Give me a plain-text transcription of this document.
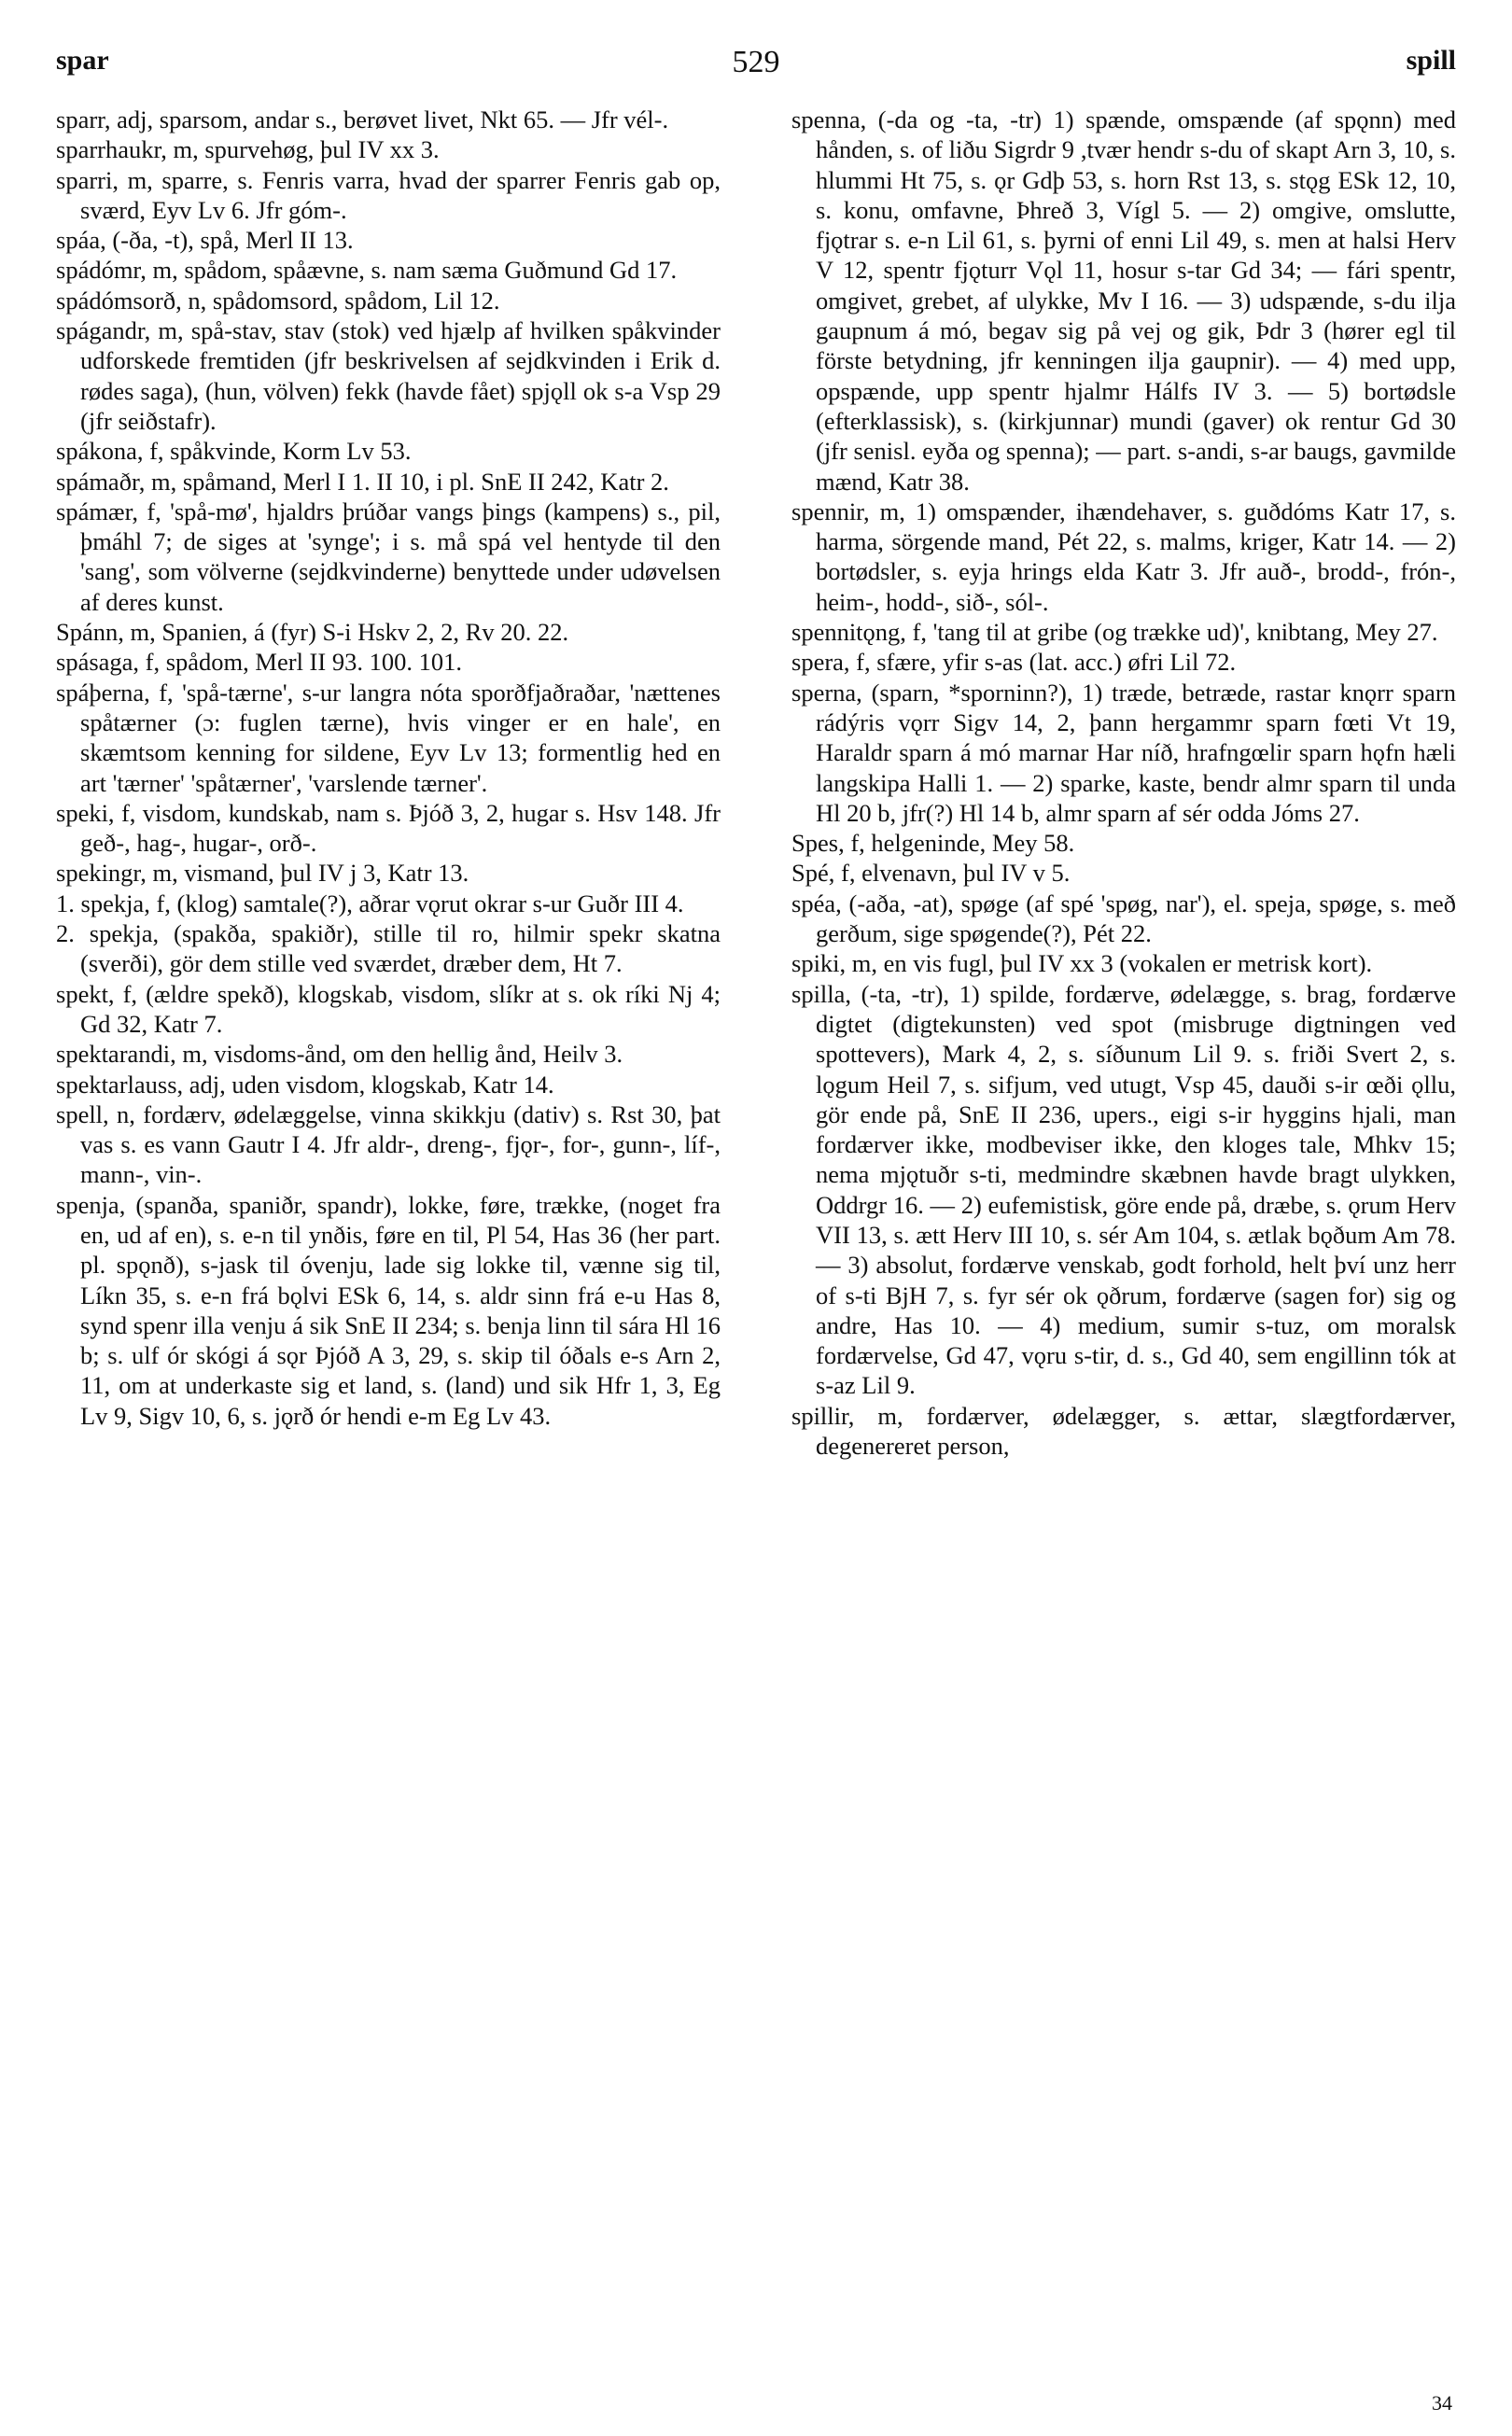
spar	529	spill

sparr, adj, sparsom, andar s., berøvet livet, Nkt 65. — Jfr vél-.

sparrhaukr, m, spurvehøg, þul IV xx 3.

sparri, m, sparre, s. Fenris varra, hvad der sparrer Fenris gab op, sværd, Eyv Lv 6. Jfr góm-.

spáa, (-ða, -t), spå, Merl II 13.

spádómr, m, spådom, spåævne, s. nam sæma Guðmund Gd 17.

spádómsorð, n, spådomsord, spådom, Lil 12.

spágandr, m, spå-stav, stav (stok) ved hjælp af hvilken spåkvinder udforskede fremtiden (jfr beskrivelsen af sejdkvinden i Erik d. rødes saga), (hun, völven) fekk (havde fået) spjǫll ok s-a Vsp 29 (jfr seiðstafr).

spákona, f, spåkvinde, Korm Lv 53.

spámaðr, m, spåmand, Merl I 1. II 10, i pl. SnE II 242, Katr 2.

spámær, f, 'spå-mø', hjaldrs þrúðar vangs þings (kampens) s., pil, þmáhl 7; de siges at 'synge'; i s. må spá vel hentyde til den 'sang', som völverne (sejdkvinderne) benyttede under udøvelsen af deres kunst.

Spánn, m, Spanien, á (fyr) S-i Hskv 2, 2, Rv 20. 22.

spásaga, f, spådom, Merl II 93. 100. 101.

spáþerna, f, 'spå-tærne', s-ur langra nóta sporðfjaðraðar, 'nættenes spåtærner (ɔ: fuglen tærne), hvis vinger er en hale', en skæmtsom kenning for sildene, Eyv Lv 13; formentlig hed en art 'tærner' 'spåtærner', 'varslende tærner'.

speki, f, visdom, kundskab, nam s. Þjóð 3, 2, hugar s. Hsv 148. Jfr geð-, hag-, hugar-, orð-.

spekingr, m, vismand, þul IV j 3, Katr 13.

1. spekja, f, (klog) samtale(?), aðrar vǫrut okrar s-ur Guðr III 4.

2. spekja, (spakða, spakiðr), stille til ro, hilmir spekr skatna (sverði), gör dem stille ved sværdet, dræber dem, Ht 7.

spekt, f, (ældre spekð), klogskab, visdom, slíkr at s. ok ríki Nj 4; Gd 32, Katr 7.

spektarandi, m, visdoms-ånd, om den hellig ånd, Heilv 3.

spektarlauss, adj, uden visdom, klogskab, Katr 14.

spell, n, fordærv, ødelæggelse, vinna skikkju (dativ) s. Rst 30, þat vas s. es vann Gautr I 4. Jfr aldr-, dreng-, fjǫr-, for-, gunn-, líf-, mann-, vin-.

spenja, (spanða, spaniðr, spandr), lokke, føre, trække, (noget fra en, ud af en), s. e-n til ynðis, føre en til, Pl 54, Has 36 (her part. pl. spǫnð), s-jask til óvenju, lade sig lokke til, vænne sig til, Líkn 35, s. e-n frá bǫlvi ESk 6, 14, s. aldr sinn frá e-u Has 8, synd spenr illa venju á sik SnE II 234; s. benja linn til sára Hl 16 b; s. ulf ór skógi á sǫr Þjóð A 3, 29, s. skip til óðals e-s Arn 2, 11, om at underkaste sig et land, s. (land) und sik Hfr 1, 3, Eg Lv 9, Sigv 10, 6, s. jǫrð ór hendi e-m Eg Lv 43.

spenna, (-da og -ta, -tr) 1) spænde, omspænde (af spǫnn) med hånden, s. of liðu Sigrdr 9 ,tvær hendr s-du of skapt Arn 3, 10, s. hlummi Ht 75, s. ǫr Gdþ 53, s. horn Rst 13, s. stǫg ESk 12, 10, s. konu, omfavne, Þhreð 3, Vígl 5. — 2) omgive, omslutte, fjǫtrar s. e-n Lil 61, s. þyrni of enni Lil 49, s. men at halsi Herv V 12, spentr fjǫturr Vǫl 11, hosur s-tar Gd 34; — fári spentr, omgivet, grebet, af ulykke, Mv I 16. — 3) udspænde, s-du ilja gaupnum á mó, begav sig på vej og gik, Þdr 3 (hører egl til förste betydning, jfr kenningen ilja gaupnir). — 4) med upp, opspænde, upp spentr hjalmr Hálfs IV 3. — 5) bortødsle (efterklassisk), s. (kirkjunnar) mundi (gaver) ok rentur Gd 30 (jfr senisl. eyða og spenna); — part. s-andi, s-ar baugs, gavmilde mænd, Katr 38.

spennir, m, 1) omspænder, ihændehaver, s. guðdóms Katr 17, s. harma, sörgende mand, Pét 22, s. malms, kriger, Katr 14. — 2) bortødsler, s. eyja hrings elda Katr 3. Jfr auð-, brodd-, frón-, heim-, hodd-, sið-, sól-.

spennitǫng, f, 'tang til at gribe (og trække ud)', knibtang, Mey 27.

spera, f, sfære, yfir s-as (lat. acc.) øfri Lil 72.

sperna, (sparn, *sporninn?), 1) træde, betræde, rastar knǫrr sparn rádýris vǫrr Sigv 14, 2, þann hergammr sparn fœti Vt 19, Haraldr sparn á mó marnar Har níð, hrafngœlir sparn hǫfn hæli langskipa Halli 1. — 2) sparke, kaste, bendr almr sparn til unda Hl 20 b, jfr(?) Hl 14 b, almr sparn af sér odda Jóms 27.

Spes, f, helgeninde, Mey 58.

Spé, f, elvenavn, þul IV v 5.

spéa, (-aða, -at), spøge (af spé 'spøg, nar'), el. speja, spøge, s. með gerðum, sige spøgende(?), Pét 22.

spiki, m, en vis fugl, þul IV xx 3 (vokalen er metrisk kort).

spilla, (-ta, -tr), 1) spilde, fordærve, ødelægge, s. brag, fordærve digtet (digtekunsten) ved spot (misbruge digtningen ved spottevers), Mark 4, 2, s. síðunum Lil 9. s. friði Svert 2, s. lǫgum Heil 7, s. sifjum, ved utugt, Vsp 45, dauði s-ir œði ǫllu, gör ende på, SnE II 236, upers., eigi s-ir hyggins hjali, man fordærver ikke, modbeviser ikke, den kloges tale, Mhkv 15; nema mjǫtuðr s-ti, medmindre skæbnen havde bragt ulykken, Oddrgr 16. — 2) eufemistisk, göre ende på, dræbe, s. ǫrum Herv VII 13, s. ætt Herv III 10, s. sér Am 104, s. ætlak bǫðum Am 78. — 3) absolut, fordærve venskab, godt forhold, helt því unz herr of s-ti BjH 7, s. fyr sér ok ǫðrum, fordærve (sagen for) sig og andre, Has 10. — 4) medium, sumir s-tuz, om moralsk fordærvelse, Gd 47, vǫru s-tir, d. s., Gd 40, sem engillinn tók at s-az Lil 9.

spillir, m, fordærver, ødelægger, s. ættar, slægtfordærver, degenereret person,

34
